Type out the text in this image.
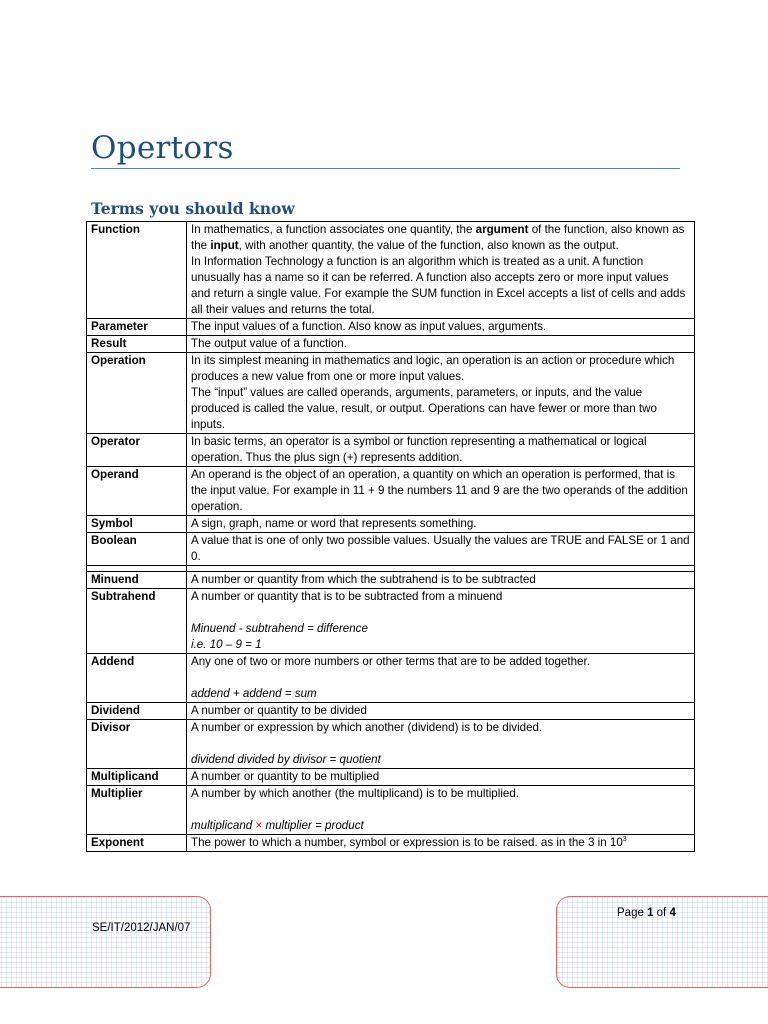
Opertors
Terms you should know
Function	In mathematics, a function associates one quantity, the argument of the function, also known as the input, with another quantity, the value of the function, also known as the output.
In Information Technology a function is an algorithm which is treated as a unit. A function unusually has a name so it can be referred. A function also accepts zero or more input values and return a single value. For example the SUM function in Excel accepts a list of cells and adds all their values and returns the total.

Parameter	The input values of a function. Also know as input values, arguments.
Result	The output value of a function.
Operation	In its simplest meaning in mathematics and logic, an operation is an action or procedure which produces a new value from one or more input values.
The “input” values are called operands, arguments, parameters, or inputs, and the value produced is called the value, result, or output. Operations can have fewer or more than two inputs.

Operator	In basic terms, an operator is a symbol or function representing a mathematical or logical operation. Thus the plus sign (+) represents addition.
Operand	An operand is the object of an operation, a quantity on which an operation is performed, that is the input value. For example in 11 + 9 the numbers 11 and 9 are the two operands of the addition operation.
Symbol	A sign, graph, name or word that represents something.
Boolean	A value that is one of only two possible values. Usually the values are TRUE and FALSE or 1 and 0.

Minuend	A number or quantity from which the subtrahend is to be subtracted
Subtrahend	A number or quantity that is to be subtracted from a minuend
Minuend - subtrahend = difference
i.e. 10 – 9 = 1

Addend	Any one of two or more numbers or other terms that are to be added together.
addend + addend = sum

Dividend	A number or quantity to be divided
Divisor	A number or expression by which another (dividend) is to be divided.
dividend divided by divisor = quotient

Multiplicand	A number or quantity to be multiplied
Multiplier	A number by which another (the multiplicand) is to be multiplied.
multiplicand × multiplier = product

Exponent	The power to which a number, symbol or expression is to be raised. as in the 3 in $10^3$
SE/IT/2012/JAN/07
Page 1 of 4
